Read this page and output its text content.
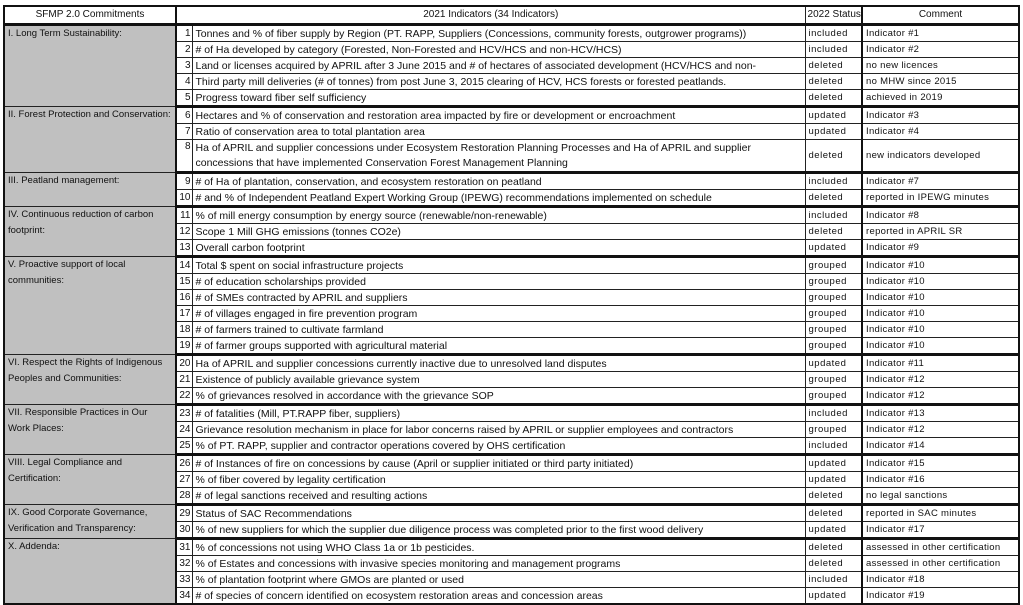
SFMP 2.0 Commitments	2021 Indicators (34 Indicators)		2022 Status	Comment
I. Long Term Sustainability:	1	Tonnes and % of fiber supply by Region (PT. RAPP, Suppliers (Concessions, community forests, outgrower programs))	included	Indicator #1
	2	# of Ha developed by category (Forested, Non-Forested and HCV/HCS and non-HCV/HCS)	included	Indicator #2
	3	Land or licenses acquired by APRIL after 3 June 2015 and # of hectares of associated development (HCV/HCS and non-	deleted	no new licences
	4	Third party mill deliveries (# of tonnes) from post June 3, 2015 clearing of HCV, HCS forests or forested peatlands.	deleted	no MHW since 2015
	5	Progress toward fiber self sufficiency	deleted	achieved in 2019
II. Forest Protection and Conservation:	6	Hectares and % of conservation and restoration area impacted by fire or development or encroachment	updated	Indicator #3
	7	Ratio of conservation area to total plantation area	updated	Indicator #4
	8	Ha of APRIL and supplier concessions under Ecosystem Restoration Planning Processes and Ha of APRIL and supplier concessions that have implemented Conservation Forest Management Planning	deleted	new indicators developed
III. Peatland management:	9	# of Ha of plantation, conservation, and ecosystem restoration on peatland	included	Indicator #7
	10	# and % of Independent Peatland Expert Working Group (IPEWG) recommendations implemented on schedule	deleted	reported in IPEWG minutes
IV. Continuous reduction of carbon footprint:	11	% of mill energy consumption by energy source (renewable/non-renewable)	included	Indicator #8
	12	Scope 1 Mill GHG emissions (tonnes CO2e)	deleted	reported in APRIL SR
	13	Overall carbon footprint	updated	Indicator #9
V. Proactive support of local communities:	14	Total $ spent on social infrastructure projects	grouped	Indicator #10
	15	# of education scholarships provided	grouped	Indicator #10
	16	# of SMEs contracted by APRIL and suppliers	grouped	Indicator #10
	17	# of villages engaged in fire prevention program	grouped	Indicator #10
	18	# of farmers trained to cultivate farmland	grouped	Indicator #10
	19	# of farmer groups supported with agricultural material	grouped	Indicator #10
VI. Respect the Rights of Indigenous Peoples and Communities:	20	Ha of APRIL and supplier concessions currently inactive due to unresolved land disputes	updated	Indicator #11
	21	Existence of publicly available grievance system	grouped	Indicator #12
	22	% of grievances resolved in accordance with the grievance SOP	grouped	Indicator #12
VII. Responsible Practices in Our Work Places:	23	# of fatalities (Mill, PT.RAPP fiber, suppliers)	included	Indicator #13
	24	Grievance resolution mechanism in place for labor concerns raised by APRIL or supplier employees and contractors	grouped	Indicator #12
	25	% of PT. RAPP, supplier and contractor operations covered by OHS certification	included	Indicator #14
VIII. Legal Compliance and Certification:	26	# of Instances of fire on concessions by cause (April or supplier initiated or third party initiated)	updated	Indicator #15
	27	% of fiber covered by legality certification	updated	Indicator #16
	28	# of legal sanctions received and resulting actions	deleted	no legal sanctions
IX. Good Corporate Governance, Verification and Transparency:	29	Status of SAC Recommendations	deleted	reported in SAC minutes
	30	% of new suppliers for which the supplier due diligence process was completed prior to the first wood delivery	updated	Indicator #17
X. Addenda:	31	% of concessions not using WHO Class 1a or 1b pesticides.	deleted	assessed in other certification
	32	% of Estates and concessions with invasive species monitoring and management programs	deleted	assessed in other certification
	33	% of plantation footprint where GMOs are planted or used	included	Indicator #18
	34	# of species of concern identified on ecosystem restoration areas and concession areas	updated	Indicator #19
